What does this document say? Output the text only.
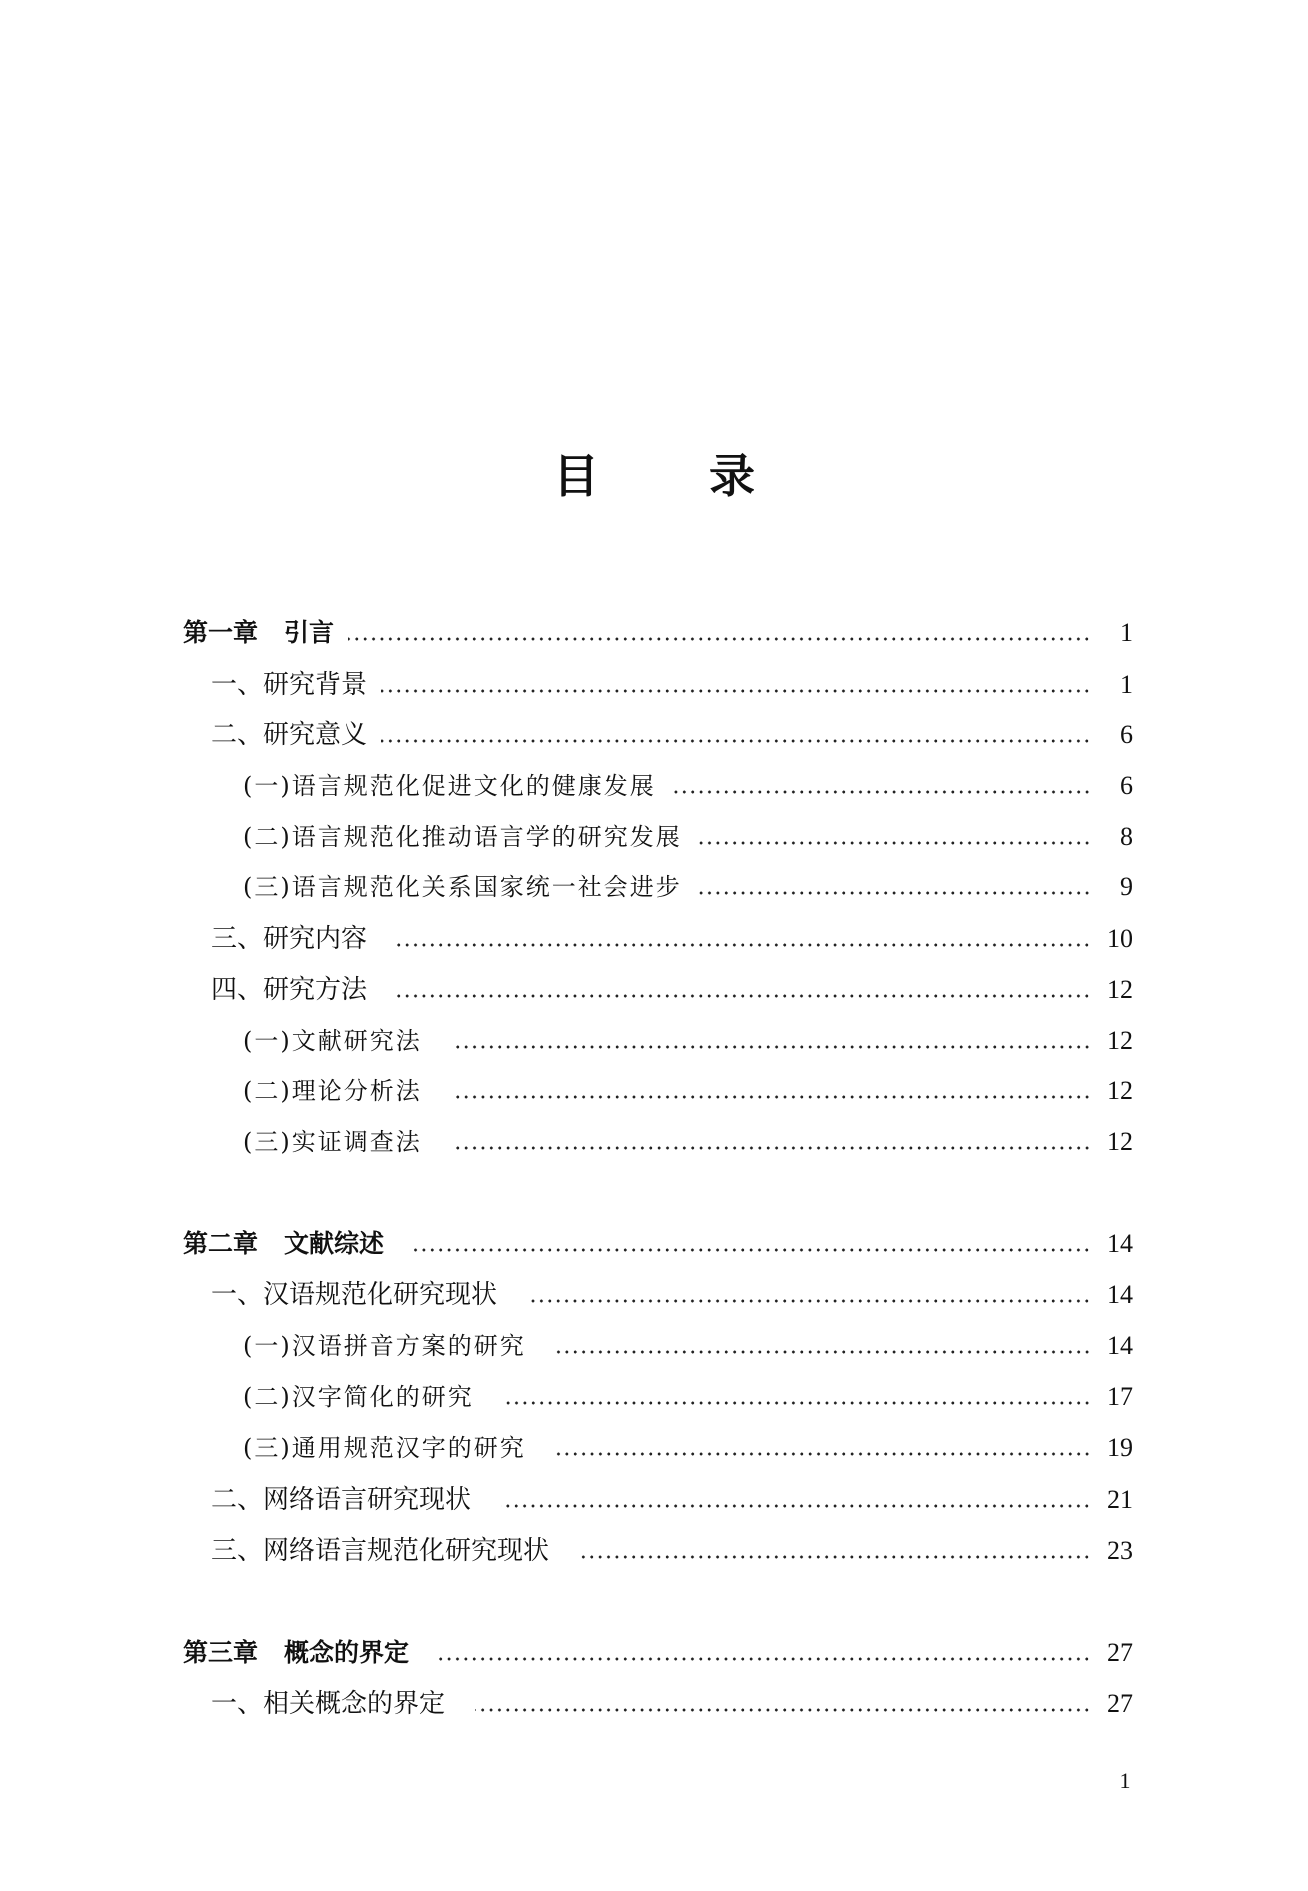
目 录
第一章 引言	1
一、研究背景	1
二、研究意义	6
(一)语言规范化促进文化的健康发展	6
(二)语言规范化推动语言学的研究发展	8
(三)语言规范化关系国家统一社会进步	9
三、研究内容	10
四、研究方法	12
(一)文献研究法	12
(二)理论分析法	12
(三)实证调查法	12
第二章 文献综述	14
一、汉语规范化研究现状	14
(一)汉语拼音方案的研究	14
(二)汉字简化的研究	17
(三)通用规范汉字的研究	19
二、网络语言研究现状	21
三、网络语言规范化研究现状	23
第三章 概念的界定	27
一、相关概念的界定	27
1
